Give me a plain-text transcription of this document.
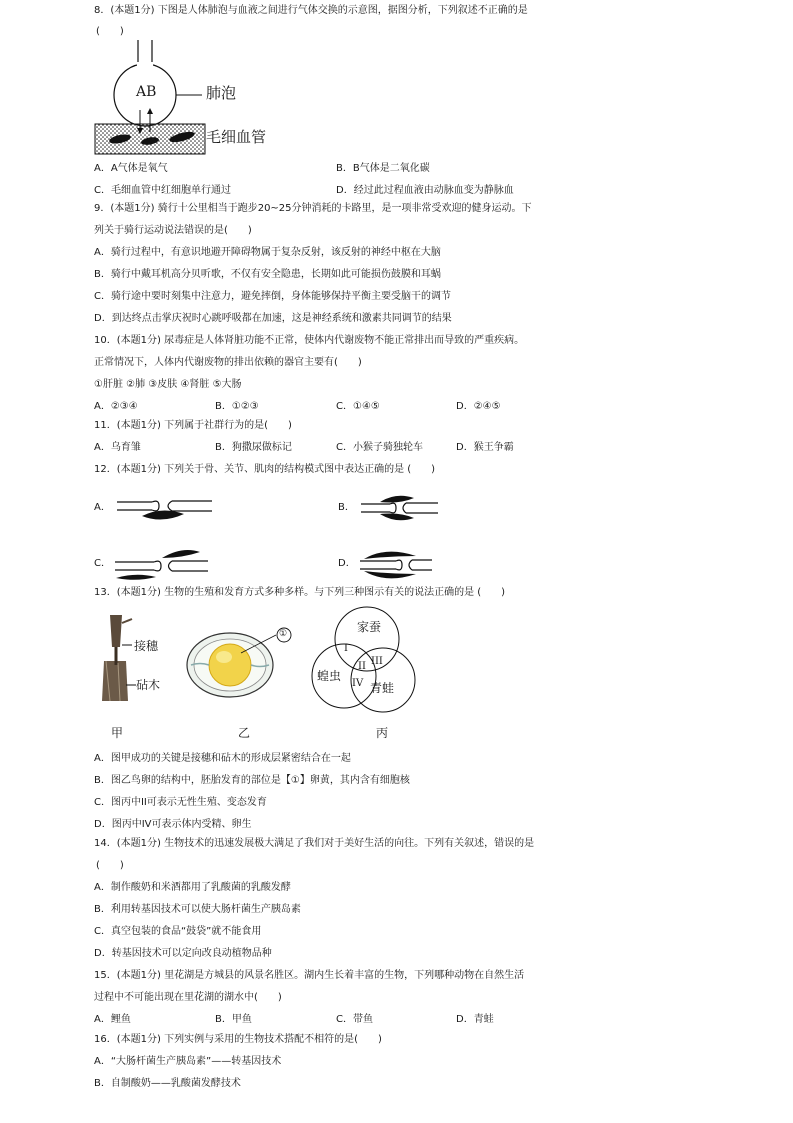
8．(本题1分) 下图是人体肺泡与血液之间进行气体交换的示意图，据图分析，下列叙述不正确的是
(　　)
AB	肺泡
毛细血管
A．A气体是氧气	B．B气体是二氧化碳
C．毛细血管中红细胞单行通过	D．经过此过程血液由动脉血变为静脉血
9．(本题1分) 骑行十公里相当于跑步20~25分钟消耗的卡路里，是一项非常受欢迎的健身运动。下
列关于骑行运动说法错误的是(　　)
A．骑行过程中，有意识地避开障碍物属于复杂反射，该反射的神经中枢在大脑
B．骑行中戴耳机高分贝听歌，不仅有安全隐患，长期如此可能损伤鼓膜和耳蜗
C．骑行途中要时刻集中注意力，避免摔倒，身体能够保持平衡主要受脑干的调节
D．到达终点击掌庆祝时心跳呼吸都在加速，这是神经系统和激素共同调节的结果
10．(本题1分) 尿毒症是人体肾脏功能不正常，使体内代谢废物不能正常排出而导致的严重疾病。
正常情况下，人体内代谢废物的排出依赖的器官主要有(　　)
①肝脏 ②肺 ③皮肤 ④肾脏 ⑤大肠
A．②③④	B．①②③	C．①④⑤	D．②④⑤
11．(本题1分) 下列属于社群行为的是(　　)
A．乌育雏	B．狗撒尿做标记	C．小猴子骑独轮车	D．猴王争霸
12．(本题1分) 下列关于骨、关节、肌肉的结构模式图中表达正确的是 (　　)
A．	B．
C．	D．
13．(本题1分) 生物的生殖和发育方式多种多样。与下列三种图示有关的说法正确的是 (　　)
接穗
砧木
①	家蚕
蝗虫
青蛙
I
II III
IV
甲	乙	丙
A．图甲成功的关键是接穗和砧木的形成层紧密结合在一起
B．图乙鸟卵的结构中，胚胎发育的部位是【①】卵黄，其内含有细胞核
C．图丙中II可表示无性生殖、变态发育
D．图丙中IV可表示体内受精、卵生
14．(本题1分) 生物技术的迅速发展极大满足了我们对于美好生活的向往。下列有关叙述，错误的是
(　　)
A．制作酸奶和米酒都用了乳酸菌的乳酸发酵
B．利用转基因技术可以使大肠杆菌生产胰岛素
C．真空包装的食品“鼓袋”就不能食用
D．转基因技术可以定向改良动植物品种
15．(本题1分) 里花湖是方城县的风景名胜区。湖内生长着丰富的生物，下列哪种动物在自然生活
过程中不可能出现在里花湖的湖水中(　　)
A．鲤鱼	B．甲鱼	C．带鱼	D．青蛙
16．(本题1分) 下列实例与采用的生物技术搭配不相符的是(　　)
A．“大肠杆菌生产胰岛素”——转基因技术
B．自制酸奶——乳酸菌发酵技术
